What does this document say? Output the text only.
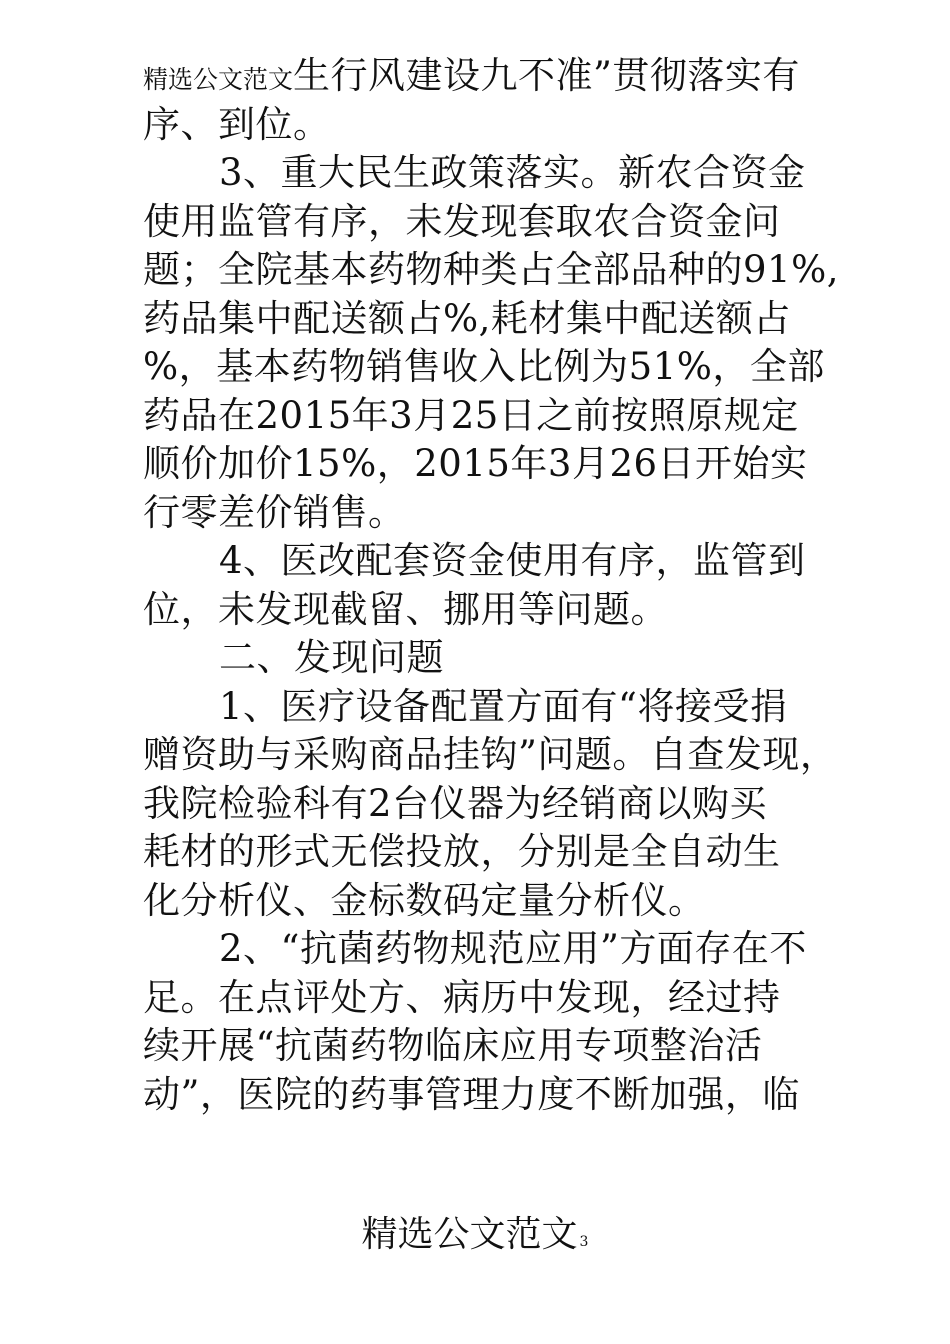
精选公文范文生行风建设九不准”贯彻落实有
序、到位。
3、重大民生政策落实。新农合资金
使用监管有序，未发现套取农合资金问
题；全院基本药物种类占全部品种的91%,
药品集中配送额占%,耗材集中配送额占
%，基本药物销售收入比例为51%，全部
药品在2015年3月25日之前按照原规定
顺价加价15%，2015年3月26日开始实
行零差价销售。
4、医改配套资金使用有序，监管到
位，未发现截留、挪用等问题。
二、发现问题
1、医疗设备配置方面有“将接受捐
赠资助与采购商品挂钩”问题。自查发现，
我院检验科有2台仪器为经销商以购买
耗材的形式无偿投放，分别是全自动生
化分析仪、金标数码定量分析仪。
2、“抗菌药物规范应用”方面存在不
足。在点评处方、病历中发现，经过持
续开展“抗菌药物临床应用专项整治活
动”，医院的药事管理力度不断加强，临
精选公文范文 3
